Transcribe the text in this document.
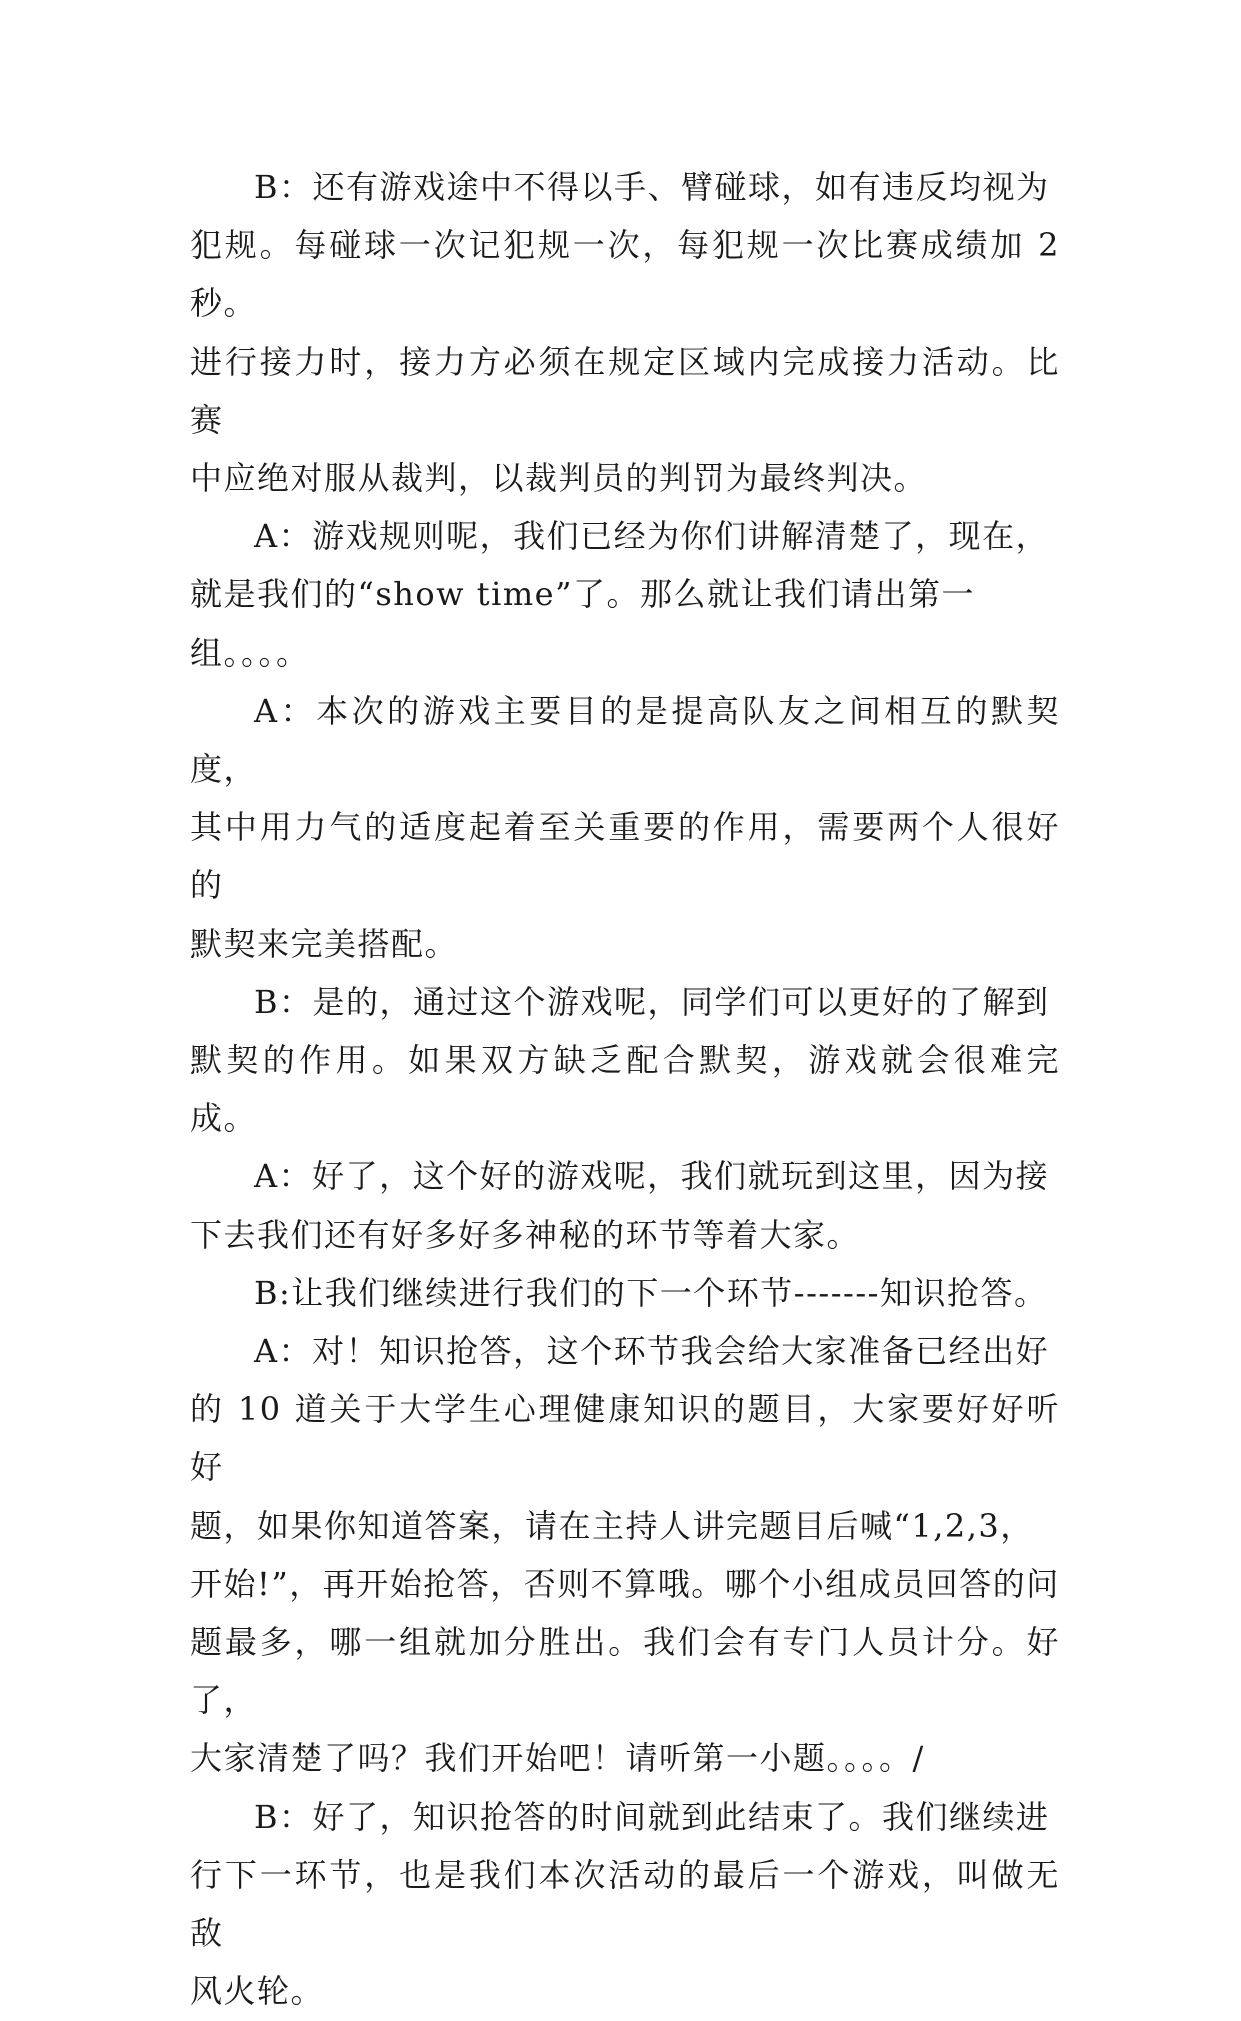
B：还有游戏途中不得以手、臂碰球，如有违反均视为
犯规。每碰球一次记犯规一次，每犯规一次比赛成绩加 2 秒。
进行接力时，接力方必须在规定区域内完成接力活动。比赛
中应绝对服从裁判，以裁判员的判罚为最终判决。

A：游戏规则呢，我们已经为你们讲解清楚了，现在，
就是我们的“show time”了。那么就让我们请出第一
组。。。。

A：本次的游戏主要目的是提高队友之间相互的默契度，
其中用力气的适度起着至关重要的作用，需要两个人很好的
默契来完美搭配。

B：是的，通过这个游戏呢，同学们可以更好的了解到
默契的作用。如果双方缺乏配合默契，游戏就会很难完成。

A：好了，这个好的游戏呢，我们就玩到这里，因为接
下去我们还有好多好多神秘的环节等着大家。

B:让我们继续进行我们的下一个环节-------知识抢答。

A：对！知识抢答，这个环节我会给大家准备已经出好
的 10 道关于大学生心理健康知识的题目，大家要好好听好
题，如果你知道答案，请在主持人讲完题目后喊“1,2,3，
开始!”，再开始抢答，否则不算哦。哪个小组成员回答的问
题最多，哪一组就加分胜出。我们会有专门人员计分。好了，
大家清楚了吗？我们开始吧！请听第一小题。。。。/

B：好了，知识抢答的时间就到此结束了。我们继续进
行下一环节，也是我们本次活动的最后一个游戏，叫做无敌
风火轮。
